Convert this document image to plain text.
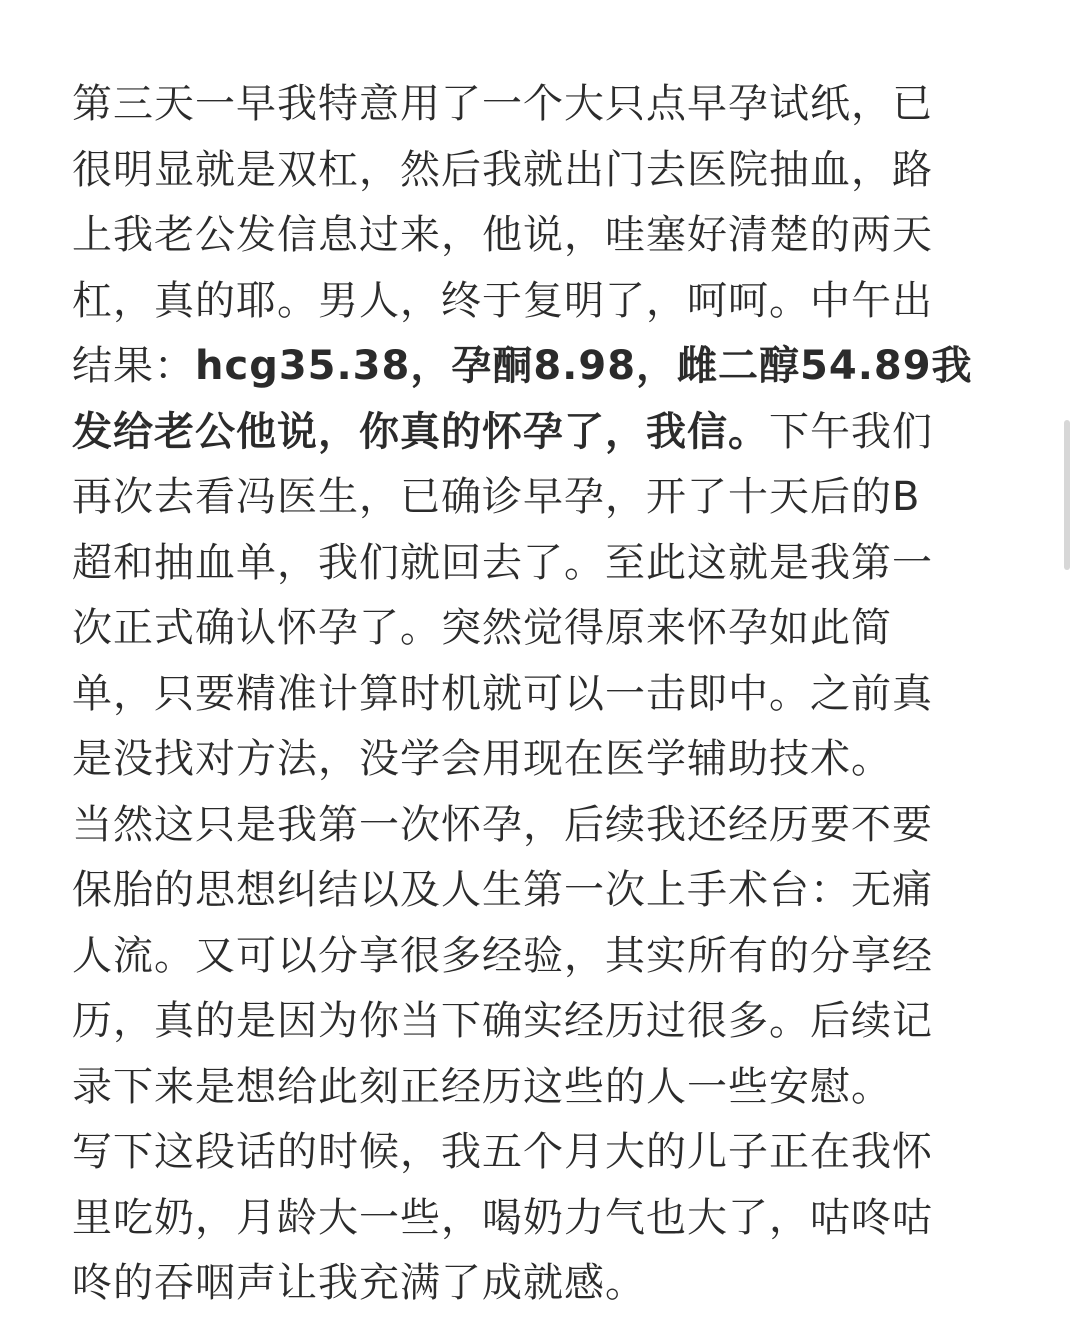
第三天一早我特意用了一个大只点早孕试纸，已
很明显就是双杠，然后我就出门去医院抽血，路
上我老公发信息过来，他说，哇塞好清楚的两天
杠，真的耶。男人，终于复明了，呵呵。中午出
结果：hcg35.38，孕酮8.98，雌二醇54.89我
发给老公他说，你真的怀孕了，我信。下午我们
再次去看冯医生，已确诊早孕，开了十天后的B
超和抽血单，我们就回去了。至此这就是我第一
次正式确认怀孕了。突然觉得原来怀孕如此简
单，只要精准计算时机就可以一击即中。之前真
是没找对方法，没学会用现在医学辅助技术。
当然这只是我第一次怀孕，后续我还经历要不要
保胎的思想纠结以及人生第一次上手术台：无痛
人流。又可以分享很多经验，其实所有的分享经
历，真的是因为你当下确实经历过很多。后续记
录下来是想给此刻正经历这些的人一些安慰。
写下这段话的时候，我五个月大的儿子正在我怀
里吃奶，月龄大一些，喝奶力气也大了，咕咚咕
咚的吞咽声让我充满了成就感。
